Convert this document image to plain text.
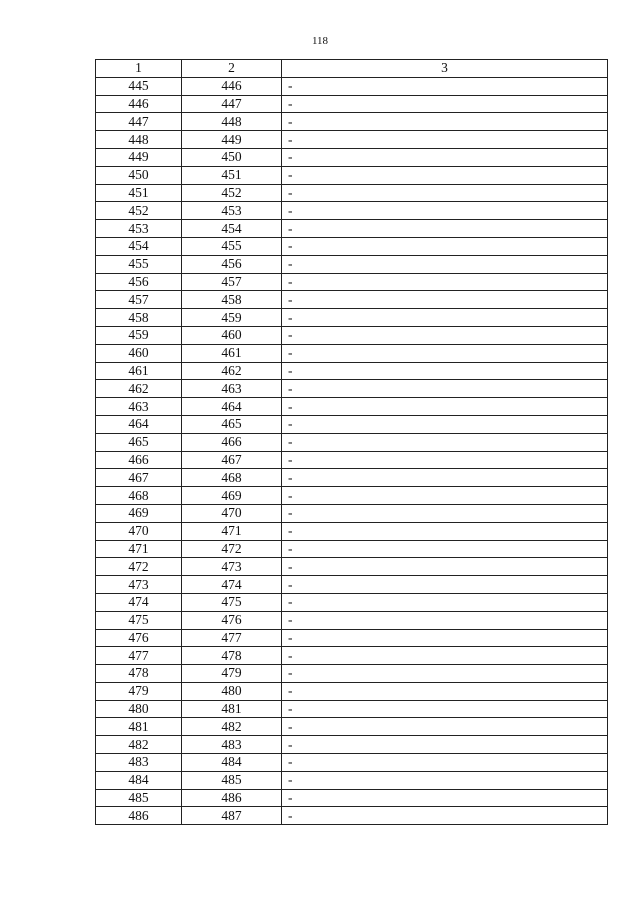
118
1	2	3
445	446	-
446	447	-
447	448	-
448	449	-
449	450	-
450	451	-
451	452	-
452	453	-
453	454	-
454	455	-
455	456	-
456	457	-
457	458	-
458	459	-
459	460	-
460	461	-
461	462	-
462	463	-
463	464	-
464	465	-
465	466	-
466	467	-
467	468	-
468	469	-
469	470	-
470	471	-
471	472	-
472	473	-
473	474	-
474	475	-
475	476	-
476	477	-
477	478	-
478	479	-
479	480	-
480	481	-
481	482	-
482	483	-
483	484	-
484	485	-
485	486	-
486	487	-
